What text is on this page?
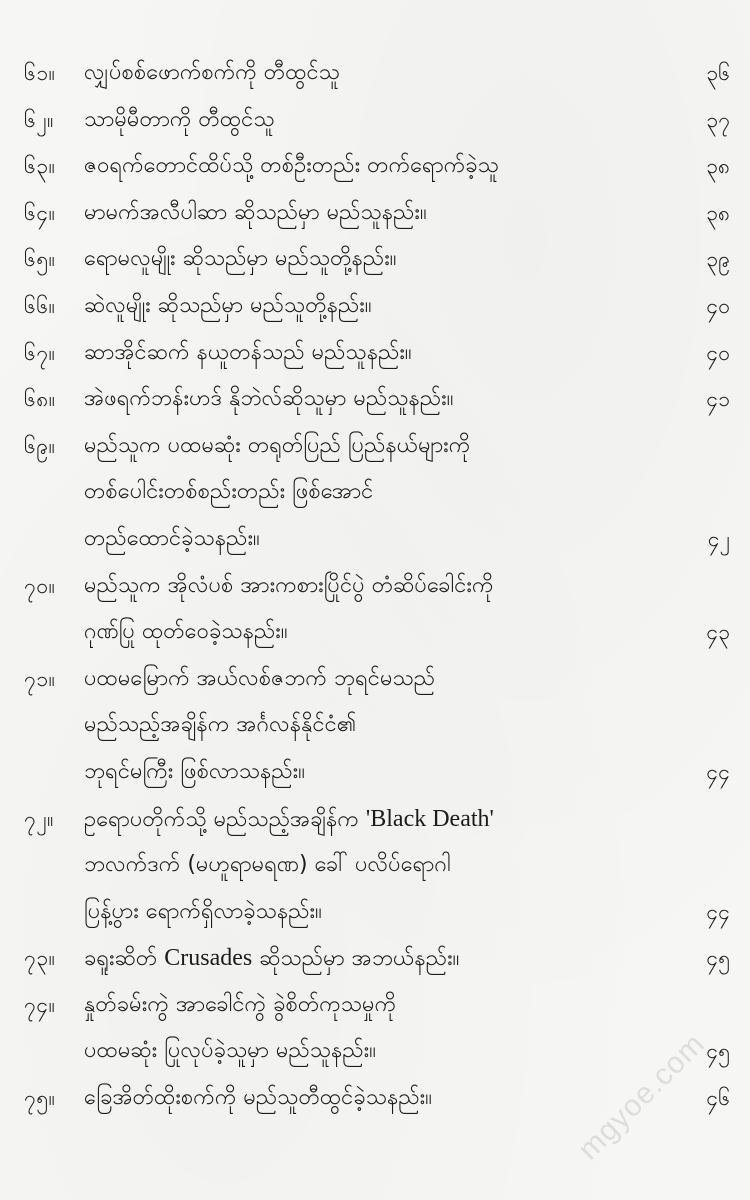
၆၁။	လျှပ်စစ်ဖောက်စက်ကို တီထွင်သူ	၃၆
၆၂။	သာမိုမီတာကို တီထွင်သူ	၃၇
၆၃။	ဇဝရက်တောင်ထိပ်သို့ တစ်ဦးတည်း တက်ရောက်ခဲ့သူ	၃၈
၆၄။	မာမက်အလီပါဆာ ဆိုသည်မှာ မည်သူနည်း။	၃၈
၆၅။	ရောမလူမျိုး ဆိုသည်မှာ မည်သူတို့နည်း။	၃၉
၆၆။	ဆဲလူမျိုး ဆိုသည်မှာ မည်သူတို့နည်း။	၄၀
၆၇။	ဆာအိုင်ဆက် နယူတန်သည် မည်သူနည်း။	၄၀
၆၈။	အဲဖရက်ဘန်းဟဒ် နိုဘဲလ်ဆိုသူမှာ မည်သူနည်း။	၄၁
၆၉။	မည်သူက ပထမဆုံး တရုတ်ပြည် ပြည်နယ်များကို
တစ်ပေါင်းတစ်စည်းတည်း ဖြစ်အောင်
တည်ထောင်ခဲ့သနည်း။	၄၂
၇၀။	မည်သူက အိုလံပစ် အားကစားပြိုင်ပွဲ တံဆိပ်ခေါင်းကို
ဂုဏ်ပြု ထုတ်ဝေခဲ့သနည်း။	၄၃
၇၁။	ပထမမြောက် အယ်လစ်ဇဘက် ဘုရင်မသည်
မည်သည့်အချိန်က အင်္ဂလန်နိုင်ငံ၏
ဘုရင်မကြီး ဖြစ်လာသနည်း။	၄၄
၇၂။	ဥရောပတိုက်သို့ မည်သည့်အချိန်က 'Black Death'
ဘလက်ဒက် (မဟူရာမရဏ) ခေါ် ပလိပ်ရောဂါ
ပြန့်ပွား ရောက်ရှိလာခဲ့သနည်း။	၄၄
၇၃။	ခရူးဆိတ် Crusades ဆိုသည်မှာ အဘယ်နည်း။	၄၅
၇၄။	နှုတ်ခမ်းကွဲ အာခေါင်ကွဲ ခွဲစိတ်ကုသမှုကို
ပထမဆုံး ပြုလုပ်ခဲ့သူမှာ မည်သူနည်း။	၄၅
၇၅။	ခြေအိတ်ထိုးစက်ကို မည်သူတီထွင်ခဲ့သနည်း။	၄၆
mgyoe.com
